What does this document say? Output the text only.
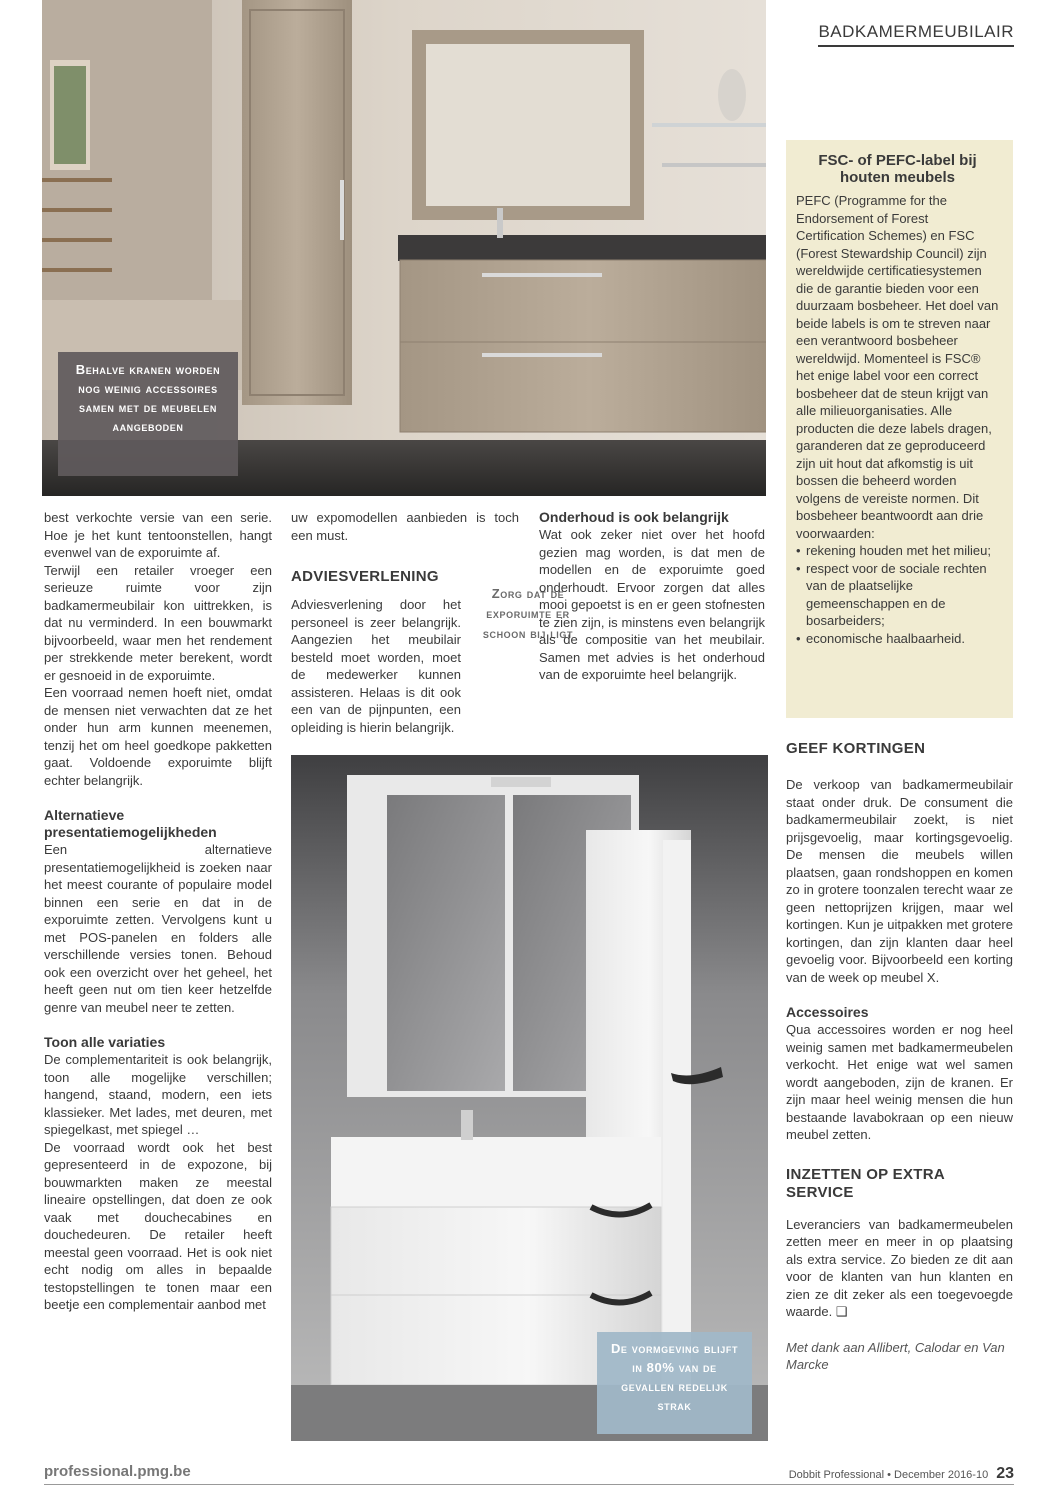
BADKAMERMEUBILAIR
Behalve kranen worden nog weinig accessoires samen met de meubelen aangeboden
De vormgeving blijft in 80% van de gevallen redelijk strak

best verkochte versie van een serie. Hoe je het kunt tentoonstellen, hangt evenwel van de exporuimte af.

Terwijl een retailer vroeger een serieuze ruimte voor zijn badkamermeubilair kon uittrekken, is dat nu verminderd. In een bouwmarkt bijvoorbeeld, waar men het rendement per strekkende meter berekent, wordt er gesnoeid in de exporuimte.

Een voorraad nemen hoeft niet, omdat de mensen niet verwachten dat ze het onder hun arm kunnen meenemen, tenzij het om heel goedkope pakketten gaat. Voldoende exporuimte blijft echter belangrijk.

Alternatieve presentatiemogelijkheden

Een alternatieve presentatiemogelijkheid is zoeken naar het meest courante of populaire model binnen een serie en dat in de exporuimte zetten. Vervolgens kunt u met POS-panelen en folders alle verschillende versies tonen. Behoud ook een overzicht over het geheel, het heeft geen nut om tien keer hetzelfde genre van meubel neer te zetten.

Toon alle variaties

De complementariteit is ook belangrijk, toon alle mogelijke verschillen; hangend, staand, modern, een iets klassieker. Met lades, met deuren, met spiegelkast, met spiegel …

De voorraad wordt ook het best gepresenteerd in de expozone, bij bouwmarkten maken ze meestal lineaire opstellingen, dat doen ze ook vaak met douchecabines en douchedeuren. De retailer heeft meestal geen voorraad. Het is ook niet echt nodig om alles in bepaalde testopstellingen te tonen maar een beetje een complementair aanbod met

uw expomodellen aanbieden is toch een must.

ADVIESVERLENING

Adviesverlening door het personeel is zeer belangrijk. Aangezien het meubilair besteld moet worden, moet de medewerker kunnen assisteren. Helaas is dit ook een van de pijnpunten, een opleiding is hierin belangrijk.

Zorg dat de exporuimte er schoon bij ligt
Onderhoud is ook belangrijk

Wat ook zeker niet over het hoofd gezien mag worden, is dat men de modellen en de exporuimte goed onderhoudt. Ervoor zorgen dat alles mooi gepoetst is en er geen stofnesten te zien zijn, is minstens even belangrijk als de compositie van het meubilair. Samen met advies is het onderhoud van de exporuimte heel belangrijk.

FSC- of PEFC-label bij houten meubels

PEFC (Programme for the Endorsement of Forest Certification Schemes) en FSC (Forest Stewardship Council) zijn wereldwijde certificatiesystemen die de garantie bieden voor een duurzaam bosbeheer. Het doel van beide labels is om te streven naar een verantwoord bosbeheer wereldwijd. Momenteel is FSC® het enige label voor een correct bosbeheer dat de steun krijgt van alle milieuorganisaties. Alle producten die deze labels dragen, garanderen dat ze geproduceerd zijn uit hout dat afkomstig is uit bossen die beheerd worden volgens de vereiste normen. Dit bosbeheer beantwoordt aan drie voorwaarden:

• rekening houden met het milieu;
• respect voor de sociale rechten van de plaatselijke gemeenschappen en de bosarbeiders;
• economische haalbaarheid.
GEEF KORTINGEN

De verkoop van badkamermeubilair staat onder druk. De consument die badkamermeubilair zoekt, is niet prijsgevoelig, maar kortingsgevoelig. De mensen die meubels willen plaatsen, gaan rondshoppen en komen zo in grotere toonzalen terecht waar ze geen nettoprijzen krijgen, maar wel kortingen. Kun je uitpakken met grotere kortingen, dan zijn klanten daar heel gevoelig voor. Bijvoorbeeld een korting van de week op meubel X.

Accessoires

Qua accessoires worden er nog heel weinig samen met badkamermeubelen verkocht. Het enige wat wel samen wordt aangeboden, zijn de kranen. Er zijn maar heel weinig mensen die hun bestaande lavabokraan op een nieuw meubel zetten.

INZETTEN OP EXTRA SERVICE

Leveranciers van badkamermeubelen zetten meer en meer in op plaatsing als extra service. Zo bieden ze dit aan voor de klanten van hun klanten en zien ze dit zeker als een toegevoegde waarde. ❑

Met dank aan Allibert, Calodar en Van Marcke

professional.pmg.be	Dobbit Professional • December 2016-10 23
